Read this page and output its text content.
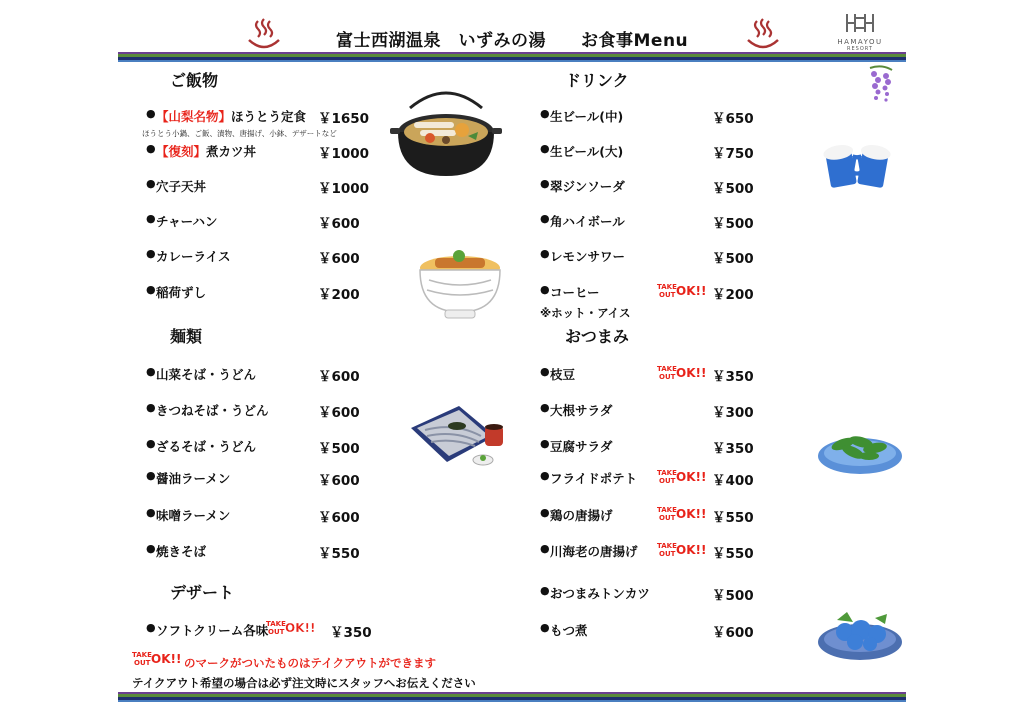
富士西湖温泉　いずみの湯　　お食事Menu	HAMAYOU
RESORT
ご飯物
● 【山梨名物】ほうとう定食 ￥1650
ほうとう小鍋、ご飯、漬物、唐揚げ、小鉢、デザートなど
● 【復刻】煮カツ丼	￥1000
● 穴子天丼	￥1000
● チャーハン	￥600
● カレーライス	￥600
● 稲荷ずし	￥200
麺類
● 山菜そば・うどん	￥600
● きつねそば・うどん	￥600
● ざるそば・うどん	￥500
● 醤油ラーメン	￥600
● 味噌ラーメン	￥600
● 焼きそば	￥550
デザート
● ソフトクリーム各味	￥350
ドリンク
● 生ビール(中)	￥650
● 生ビール(大)	￥750
● 翠ジンソーダ	￥500
● 角ハイボール	￥500
● レモンサワー	￥500
● コーヒー	￥200
※ホット・アイス
おつまみ
● 枝豆	￥350
● 大根サラダ	￥300
● 豆腐サラダ	￥350
● フライドポテト	￥400
● 鶏の唐揚げ	￥550
● 川海老の唐揚げ	￥550
● おつまみトンカツ	￥500
● もつ煮	￥600
TAKE
OUT OK!!
TAKE
OUT OK!!
TAKE
OUT OK!!
TAKE
OUT OK!!
TAKE
OUT OK!!
TAKE
OUT OK!!
TAKE
OUT OK!! のマークがついたものはテイクアウトができます
テイクアウト希望の場合は必ず注文時にスタッフへお伝えください
